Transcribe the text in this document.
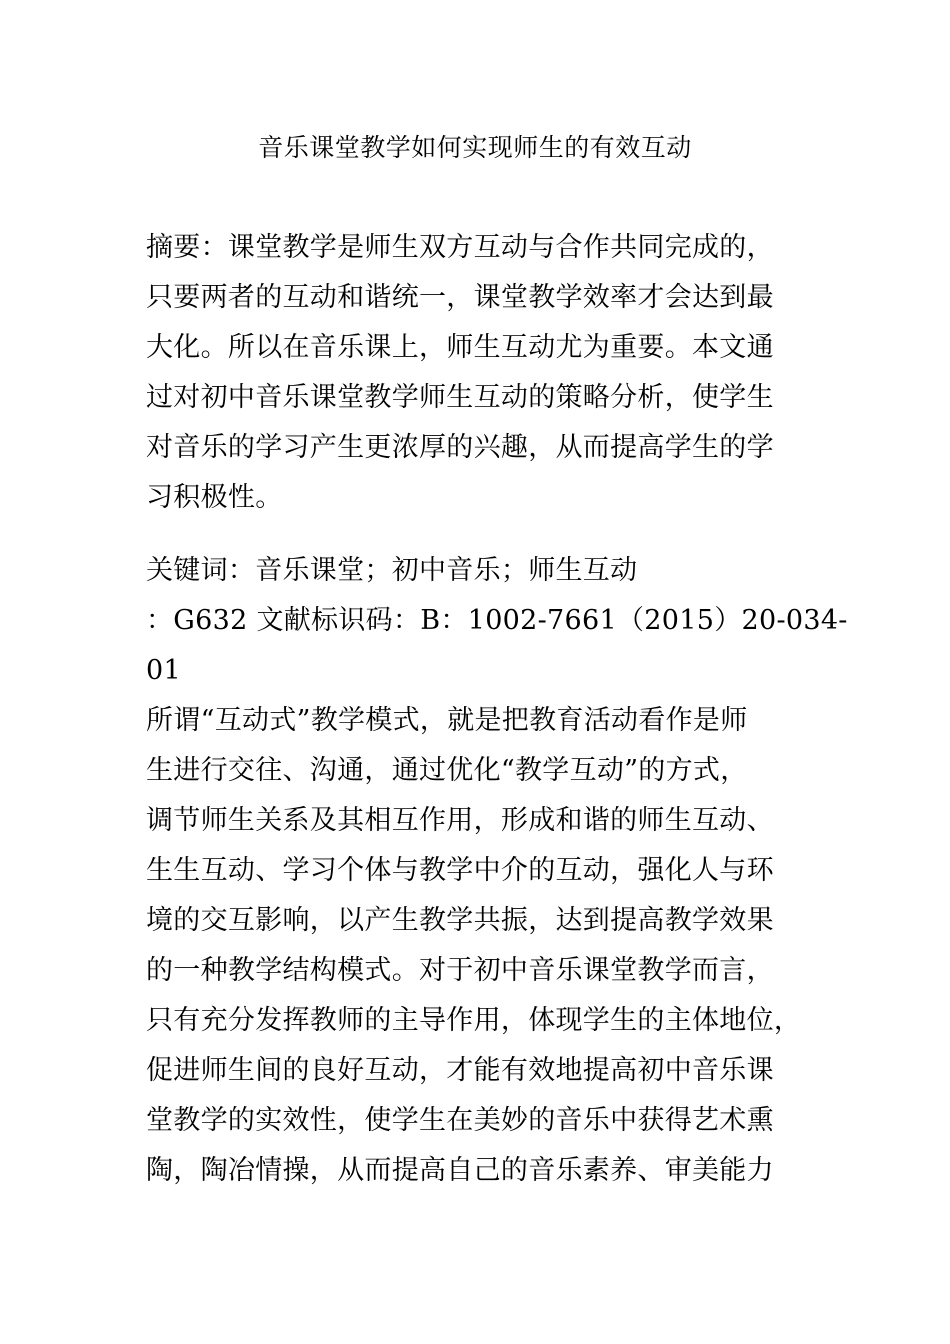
音乐课堂教学如何实现师生的有效互动
摘要：课堂教学是师生双方互动与合作共同完成的，
只要两者的互动和谐统一，课堂教学效率才会达到最
大化。所以在音乐课上，师生互动尤为重要。本文通
过对初中音乐课堂教学师生互动的策略分析，使学生
对音乐的学习产生更浓厚的兴趣，从而提高学生的学
习积极性。
关键词：音乐课堂；初中音乐；师生互动
：G632 文献标识码：B：1002-7661（2015）20-034-
01
所谓“互动式”教学模式，就是把教育活动看作是师
生进行交往、沟通，通过优化“教学互动”的方式，
调节师生关系及其相互作用，形成和谐的师生互动、
生生互动、学习个体与教学中介的互动，强化人与环
境的交互影响，以产生教学共振，达到提高教学效果
的一种教学结构模式。对于初中音乐课堂教学而言，
只有充分发挥教师的主导作用，体现学生的主体地位，
促进师生间的良好互动，才能有效地提高初中音乐课
堂教学的实效性，使学生在美妙的音乐中获得艺术熏
陶，陶冶情操，从而提高自己的音乐素养、审美能力
